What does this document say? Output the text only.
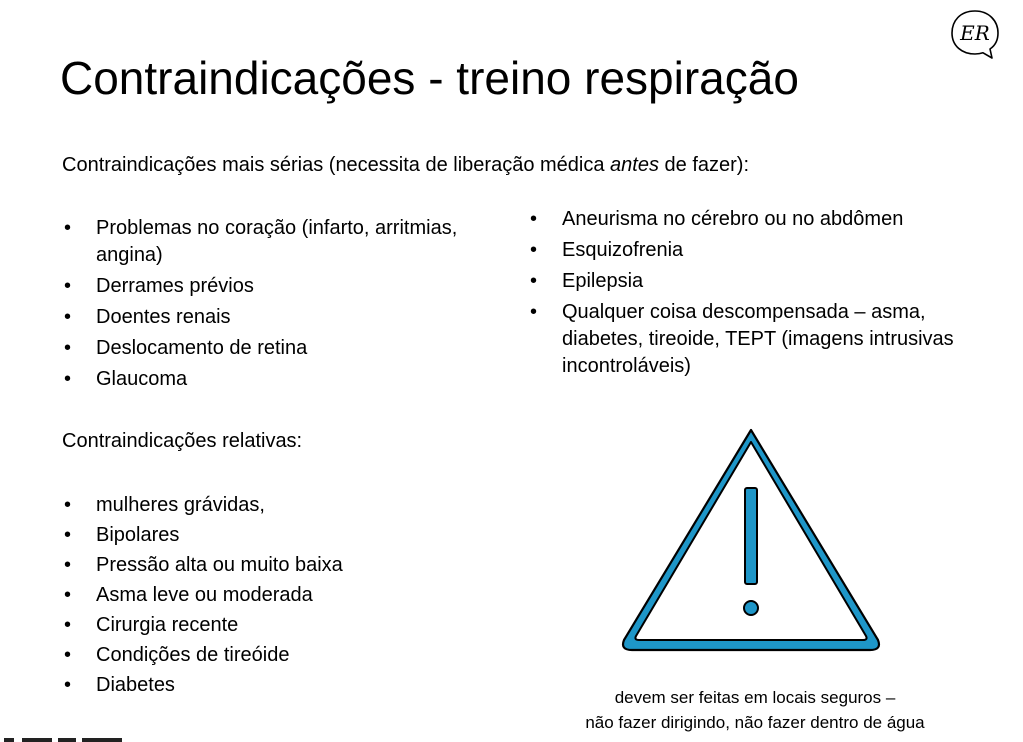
Contraindicações - treino respiração
ER
Contraindicações mais sérias (necessita de liberação médica antes de fazer):
• Problemas no coração (infarto, arritmias, angina)
• Derrames prévios
• Doentes renais
• Deslocamento de retina
• Glaucoma
• Aneurisma no cérebro ou no abdômen
• Esquizofrenia
• Epilepsia
• Qualquer coisa descompensada – asma, diabetes, tireoide, TEPT (imagens intrusivas incontroláveis)
Contraindicações relativas:
• mulheres grávidas,
• Bipolares
• Pressão alta ou muito baixa
• Asma leve ou moderada
• Cirurgia recente
• Condições de tireóide
• Diabetes
devem ser feitas em locais seguros –
não fazer dirigindo, não fazer dentro de água
